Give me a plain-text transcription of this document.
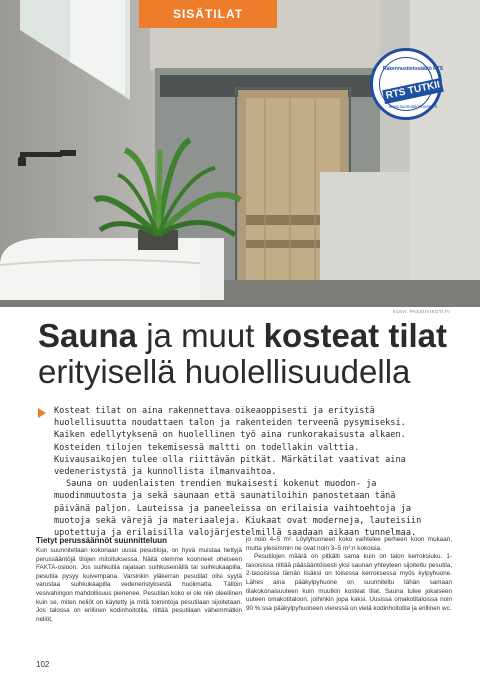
SISÄTILAT
Rakennustietosäätiö RTS
RTS TUTKII
www.suomitalonnostot.fi
KUVA: PASSIIVIKOTI.FI
Sauna ja muut kosteat tilat
erityisellä huolellisuudella

Kosteat tilat on aina rakennettava oikeaoppisesti ja erityistä huolellisuutta noudattaen talon ja rakenteiden terveenä pysymiseksi. Kaiken edellytyksenä on huolellinen työ aina runkorakaisusta alkaen. Kosteiden tilojen tekemisessä maltti on todellakin valttia. Kuivausaikojen tulee olla riittävän pitkät. Märkätilat vaativat aina vedeneristystä ja kunnollista ilmanvaihtoa.

Sauna on uudenlaisten trendien mukaisesti kokenut muodon- ja muodinmuutosta ja sekä saunaan että saunatiloihin panostetaan tänä päivänä paljon. Lauteissa ja paneeleissa on erilaisia vaihtoehtoja ja muotoja sekä värejä ja materiaaleja. Kiukaat ovat moderneja, lauteisiin upotettuja ja erilaisilla valojärjestelmillä saadaan aikaan tunnelmaa.

Tietyt perussäännöt suunnitteluun

Kun suunnitellaan kokonaan uusia pesutiloja, on hyvä muistaa tiettyjä perussääntöjä tilojen mitoituksessa. Näitä olemme koonneet oheiseen FAKTA-osioon. Jos suihkutila rajataan suihkuseinällä tai suihkukaapilla, pesutila pysyy kuivempana. Varsinkin yläkerran pesutilat olisi syytä varustaa suihkukaapilla vedeneristyksestä huolimatta. Tällöin vesivahingon mahdollisuus pienenee. Pesutilan koko ei ole niin oleellinen kuin se, miten neliöt on käytetty ja mitä toimintoja pesutilaan sijoitetaan. Jos talossa on erillinen kodinhoitotila, riittää pesutilaan vähemmätkin neliöt,

jo noin 4–5 m². Löylyhuoneen koko vaihtelee perheen koon mukaan, mutta yleisimmin ne ovat noin 3–5 m²:n kokoisia.

Pesutilojen määrä on pitkälti sama kuin on talon kerroksiuku. 1-tasoisissa riittää pääsääntöisesti yksi saunan yhteyteen sijoitettu pesutila, 2-tasoisissa tämän lisäksi on toisessa kerroksessa myös kylpyhuone. Lähes aina pääkylpyhuone on suunniteltu tähän samaan tilakokonaisuuteen kuin muutkin kosteat tilat. Sauna tulee jokaiseen uuteen omakotitaloon, joihinkin jopa kaksi. Uusissa omakotitaloissa noin 90 %:ssa pääkylpyhuoneen vieressä on vielä kodinhoitotila ja erillinen wc.

102
